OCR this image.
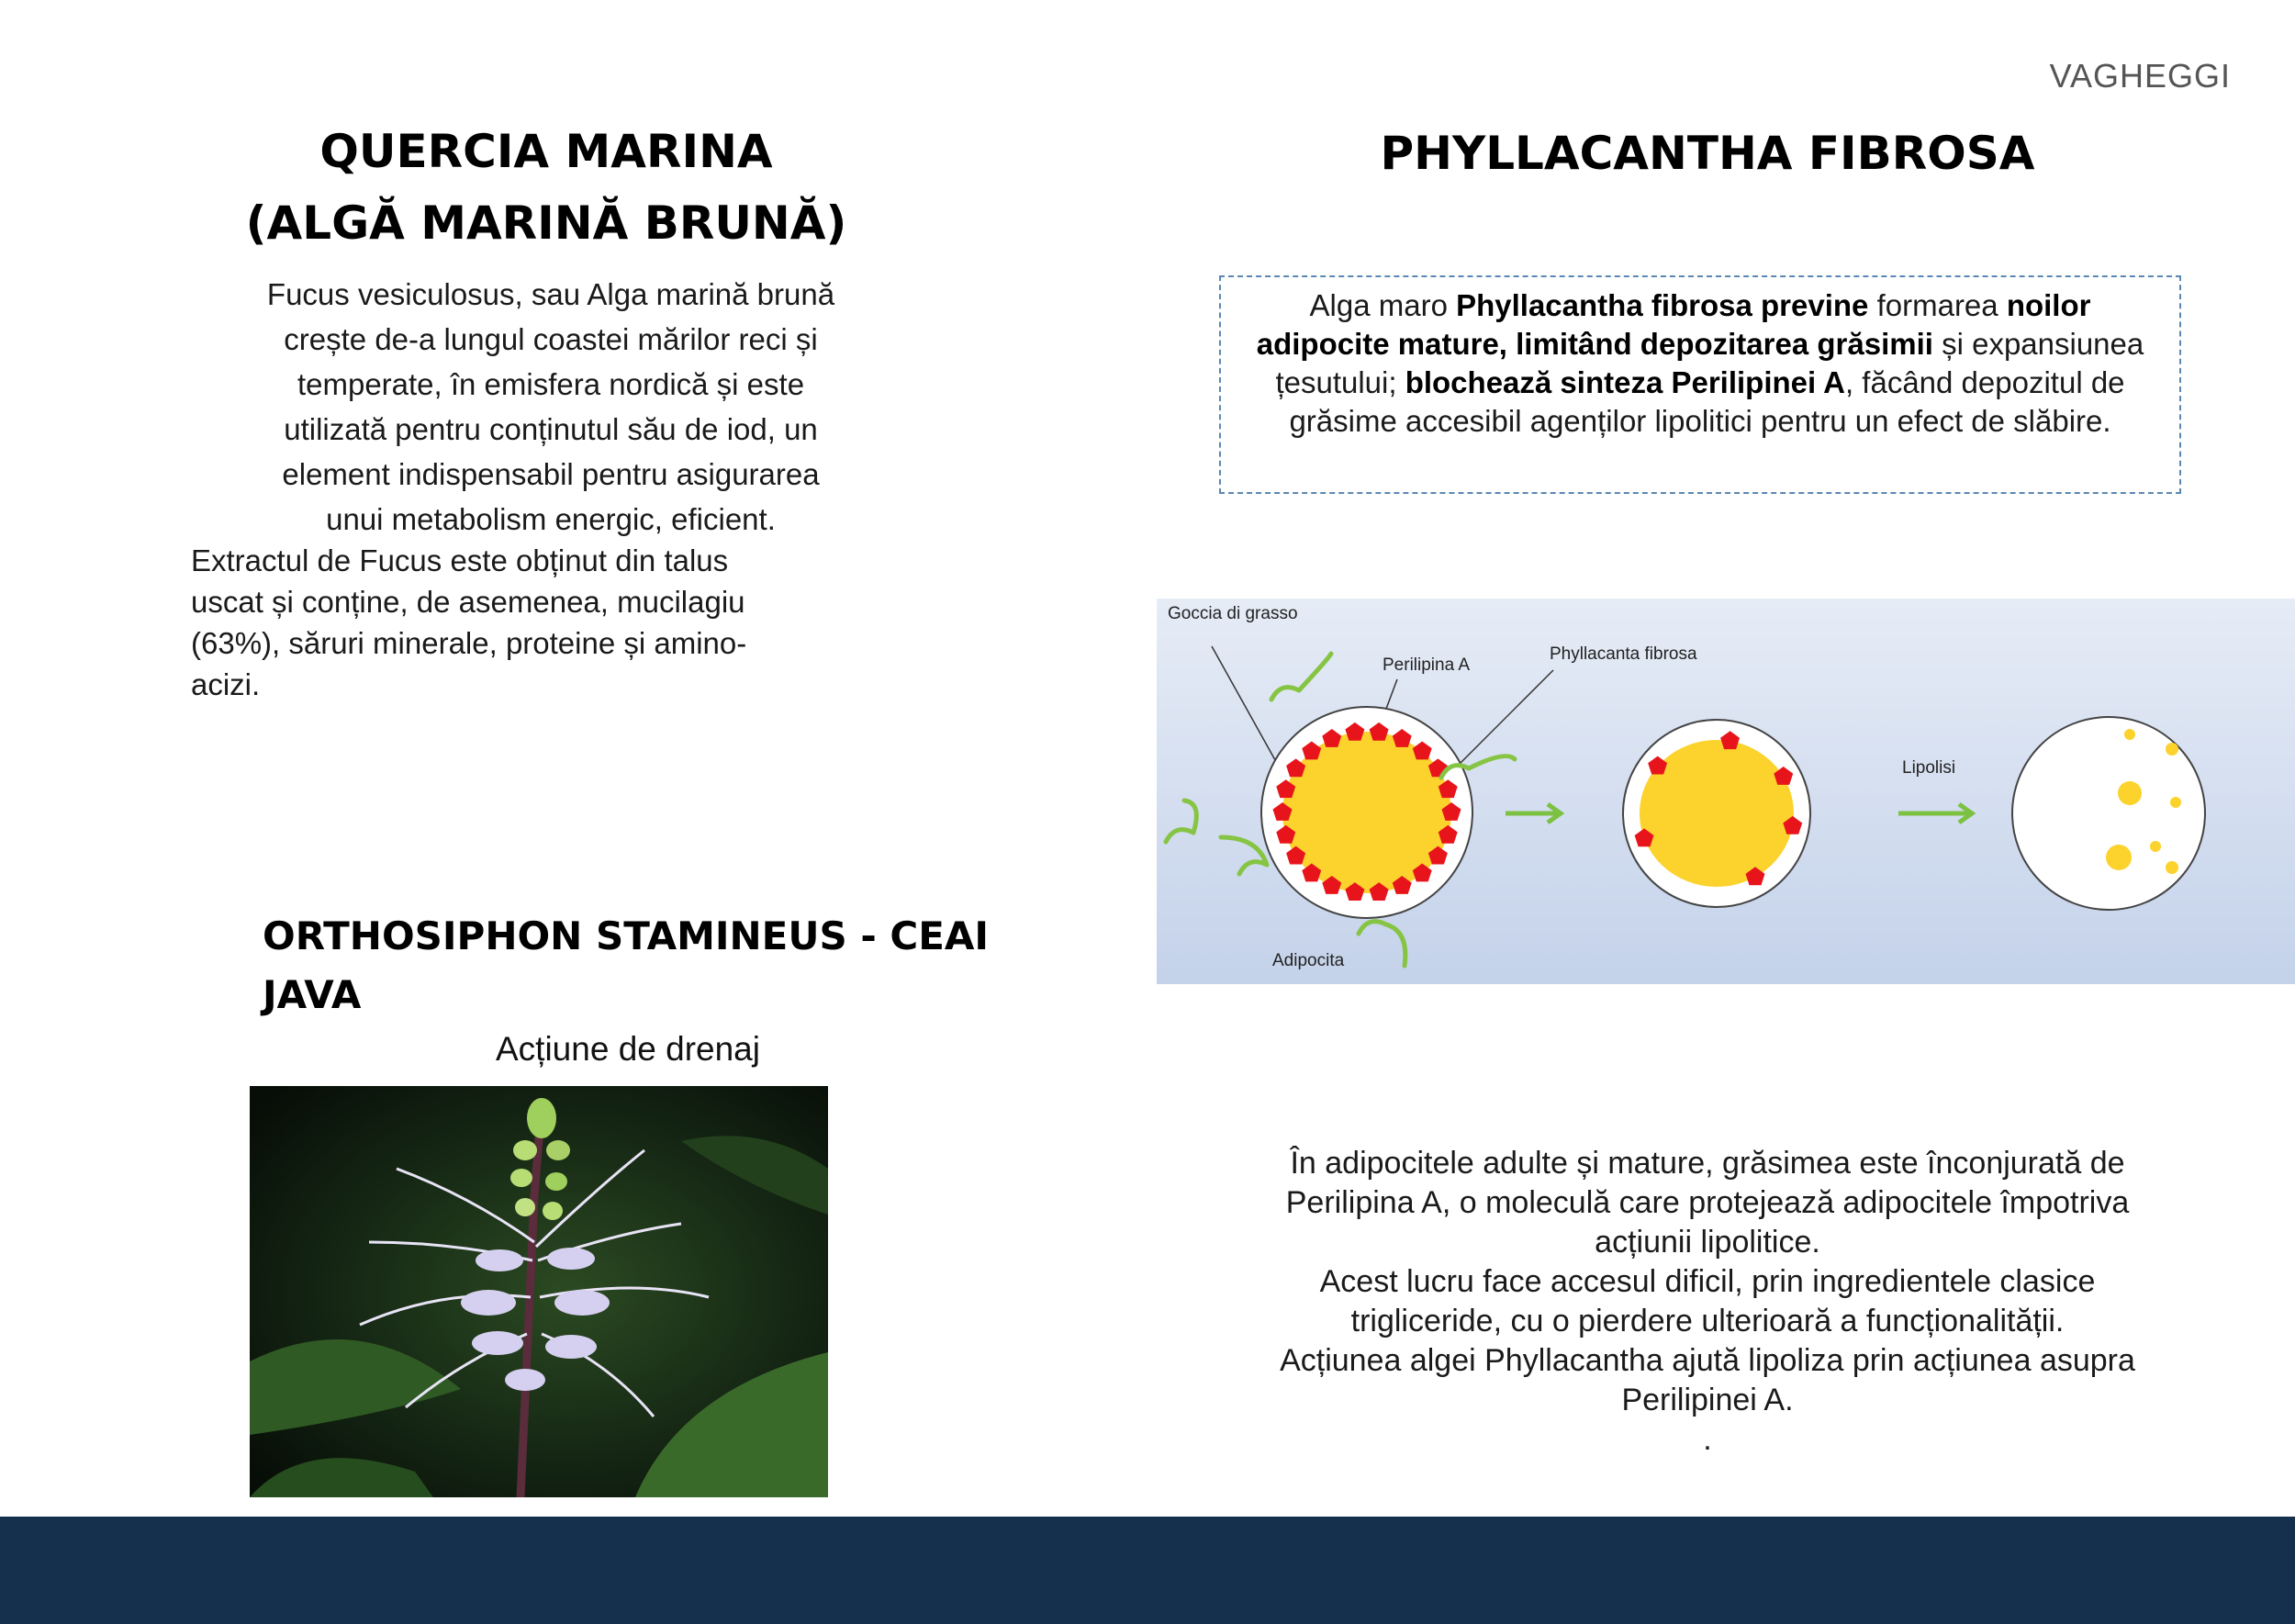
VAGHEGGI
QUERCIA MARINA
(ALGĂ MARINĂ BRUNĂ)
Fucus vesiculosus, sau Alga marină brună
crește de-a lungul coastei mărilor reci și
temperate, în emisfera nordică și este
utilizată pentru conținutul său de iod, un
element indispensabil pentru asigurarea
unui metabolism energic, eficient.
Extractul de Fucus este obținut din talus
uscat și conține, de asemenea, mucilagiu
(63%), săruri minerale, proteine și amino-
acizi.
ORTHOSIPHON STAMINEUS - CEAI
JAVA
Acțiune de drenaj
PHYLLACANTHA FIBROSA
Alga maro Phyllacantha fibrosa previne formarea noilor adipocite mature, limitând depozitarea grăsimii și expansiunea țesutului; blochează sinteza Perilipinei A, făcând depozitul de grăsime accesibil agenților lipolitici pentru un efect de slăbire.
Goccia di grasso
Perilipina A
Phyllacanta fibrosa
Lipolisi
Adipocita
În adipocitele adulte și mature, grăsimea este înconjurată de
Perilipina A, o moleculă care protejează adipocitele împotriva
acțiunii lipolitice.
Acest lucru face accesul dificil, prin ingredientele clasice
trigliceride, cu o pierdere ulterioară a funcționalității.
Acțiunea algei Phyllacantha ajută lipoliza prin acțiunea asupra
Perilipinei A.
.
